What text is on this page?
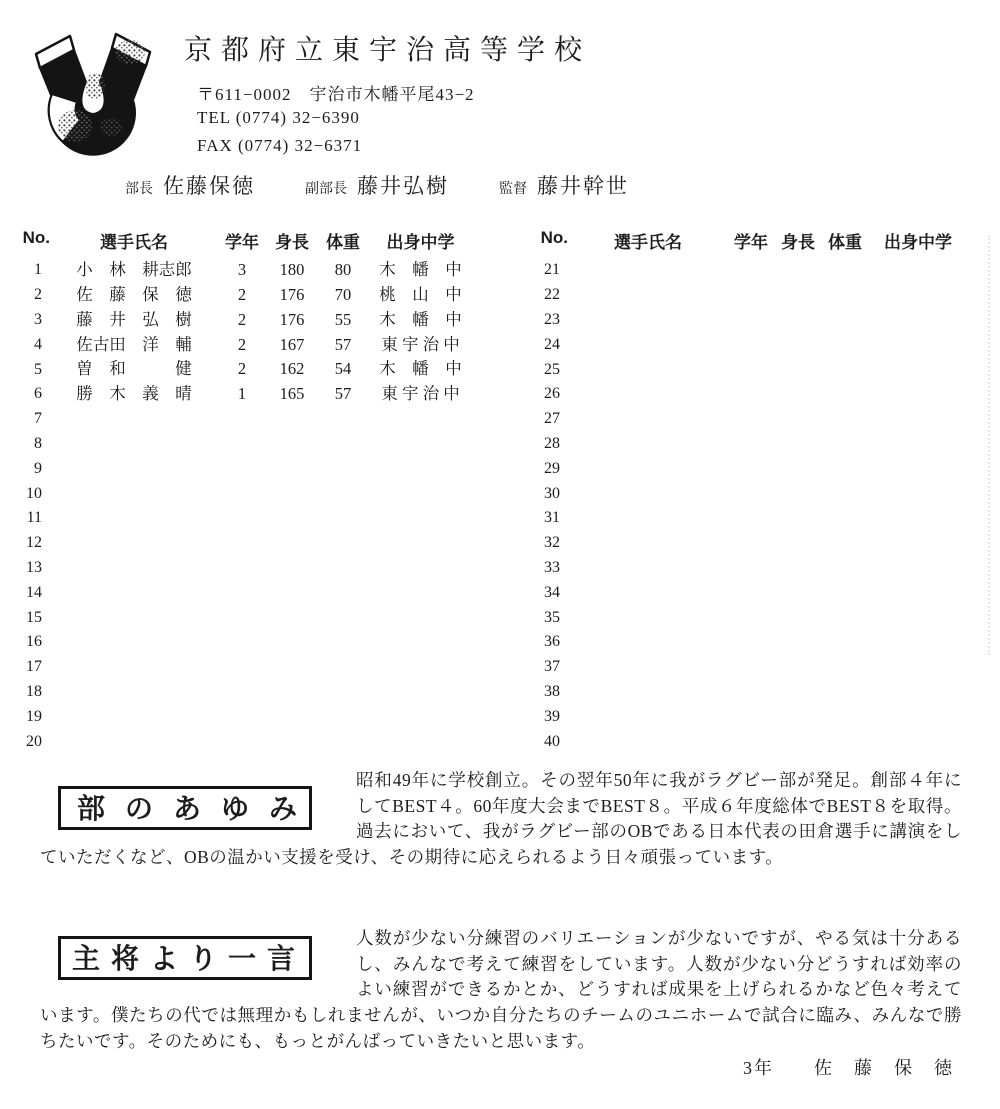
京都府立東宇治高等学校
〒611−0002　宇治市木幡平尾43−2
TEL (0774) 32−6390
FAX (0774) 32−6371
部長 佐藤保徳	副部長 藤井弘樹	監督 藤井幹世
No.	選手氏名	学年 身長	体重	出身中学
1	小　林　耕志郎	3	180	80	木　幡　中
2	佐　藤　保　徳	2	176	70	桃　山　中
3	藤　井　弘　樹	2	176	55	木　幡　中
4	佐古田　洋　輔	2	167	57	東 宇 治 中
5	曽　和　　　健	2	162	54	木　幡　中
6	勝　木　義　晴	1	165	57	東 宇 治 中
7
8
9
10
11
12
13
14
15
16
17
18
19
20
No.	選手氏名	学年 身長 体重	出身中学
21
22
23
24
25
26
27
28
29
30
31
32
33
34
35
36
37
38
39
40
部のあゆみ
昭和49年に学校創立。その翌年50年に我がラグビー部が発足。創部４年にしてBEST４。60年度大会までBEST８。平成６年度総体でBEST８を取得。過去において、我がラグビー部のOBである日本代表の田倉選手に講演をしていただくなど、OBの温かい支援を受け、その期待に応えられるよう日々頑張っています。
主将より一言
人数が少ない分練習のバリエーションが少ないですが、やる気は十分あるし、みんなで考えて練習をしています。人数が少ない分どうすれば効率のよい練習ができるかとか、どうすれば成果を上げられるかなど色々考えています。僕たちの代では無理かもしれませんが、いつか自分たちのチームのユニホームで試合に臨み、みんなで勝ちたいです。そのためにも、もっとがんばっていきたいと思います。
3年　　佐　藤　保　徳
